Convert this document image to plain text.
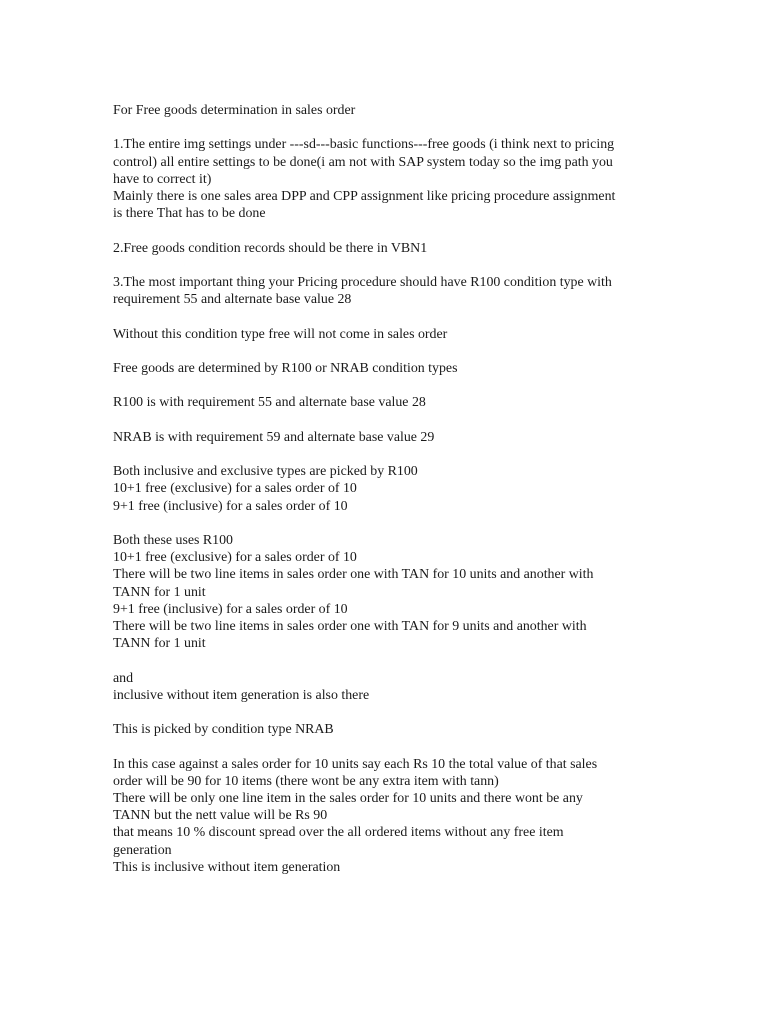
For Free goods determination in sales order
1.The entire img settings under ---sd---basic functions---free goods (i think next to pricing
control) all entire settings to be done(i am not with SAP system today so the img path you
have to correct it)
Mainly there is one sales area DPP and CPP assignment like pricing procedure assignment
is there That has to be done
2.Free goods condition records should be there in VBN1
3.The most important thing your Pricing procedure should have R100 condition type with
requirement 55 and alternate base value 28
Without this condition type free will not come in sales order
Free goods are determined by R100 or NRAB condition types
R100 is with requirement 55 and alternate base value 28
NRAB is with requirement 59 and alternate base value 29
Both inclusive and exclusive types are picked by R100
10+1 free (exclusive) for a sales order of 10
9+1 free (inclusive) for a sales order of 10
Both these uses R100
10+1 free (exclusive) for a sales order of 10
There will be two line items in sales order one with TAN for 10 units and another with
TANN for 1 unit
9+1 free (inclusive) for a sales order of 10
There will be two line items in sales order one with TAN for 9 units and another with
TANN for 1 unit
and
inclusive without item generation is also there
This is picked by condition type NRAB
In this case against a sales order for 10 units say each Rs 10 the total value of that sales
order will be 90 for 10 items (there wont be any extra item with tann)
There will be only one line item in the sales order for 10 units and there wont be any
TANN but the nett value will be Rs 90
that means 10 % discount spread over the all ordered items without any free item
generation
This is inclusive without item generation
